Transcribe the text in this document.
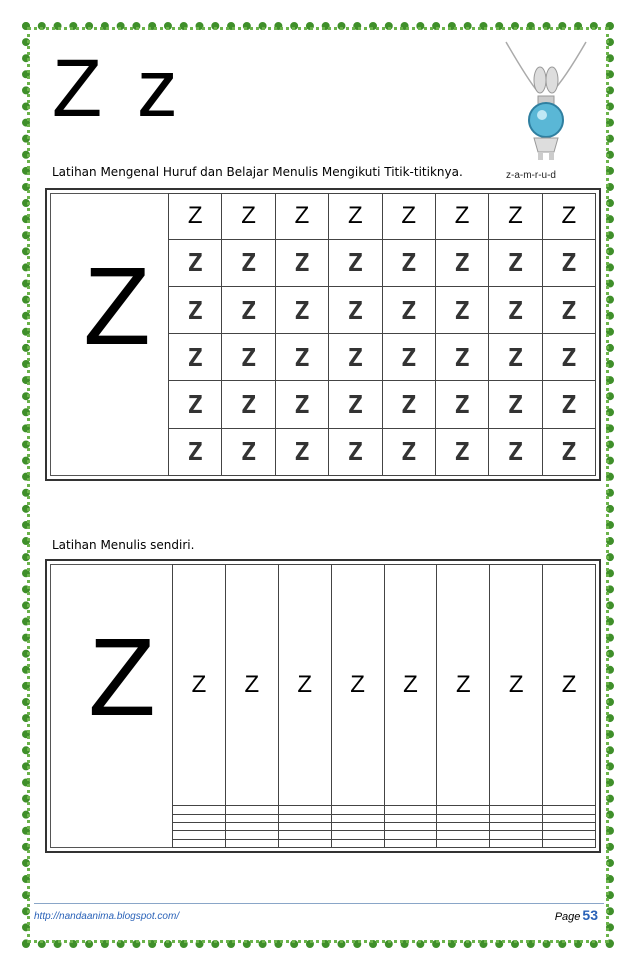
Z z
z-a-m-r-u-d
Latihan Mengenal Huruf dan Belajar Menulis Mengikuti Titik-titiknya.
Z
Z	Z	Z	Z	Z	Z	Z	Z
Z	Z	Z	Z	Z	Z	Z	Z
Z	Z	Z	Z	Z	Z	Z	Z
Z	Z	Z	Z	Z	Z	Z	Z
Z	Z	Z	Z	Z	Z	Z	Z
Z	Z	Z	Z	Z	Z	Z	Z
Latihan Menulis sendiri.
Z	Z	Z	Z	Z	Z	Z	Z	Z

http://nandaanima.blogspot.com/	Page 53
